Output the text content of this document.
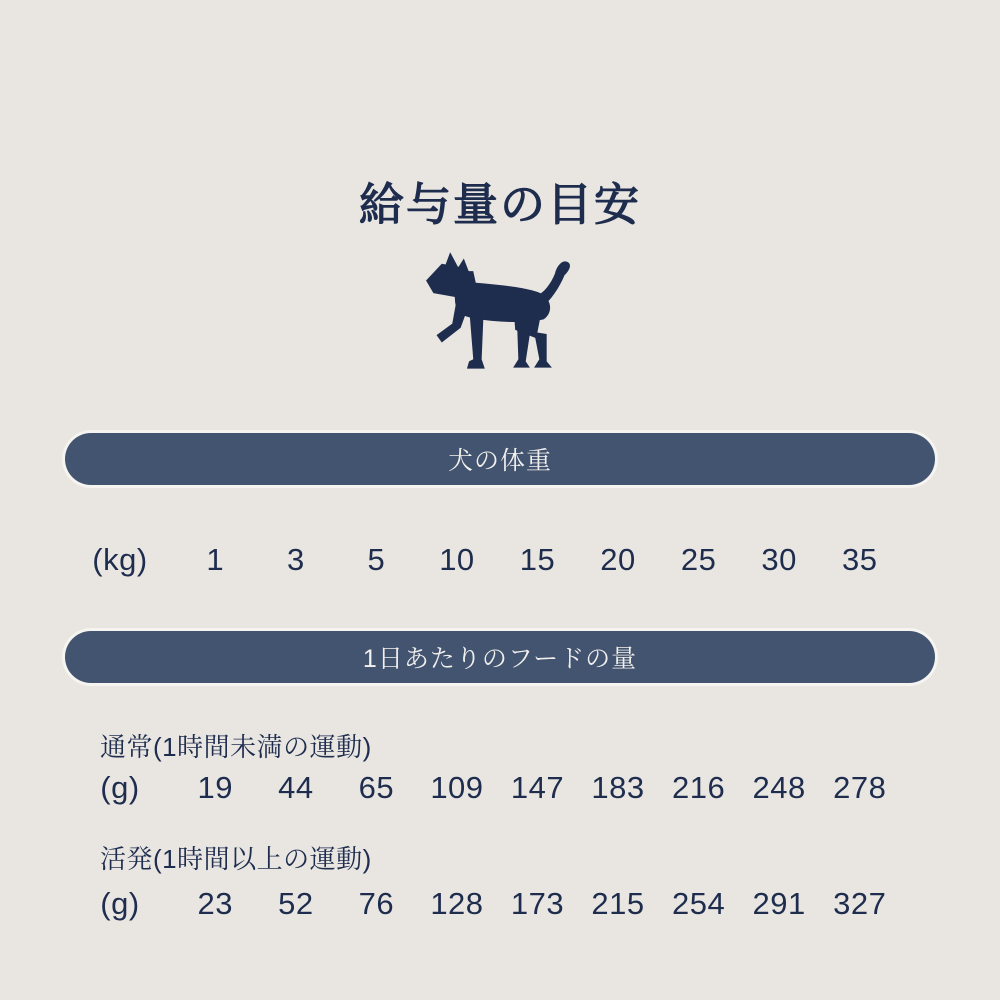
給与量の目安
犬の体重
(kg)	1	3	5	10	15	20	25	30	35
1日あたりのフードの量
通常(1時間未満の運動)
(g)	19	44	65	109 147 183 216 248 278
活発(1時間以上の運動)
(g)	23	52	76	128 173 215 254 291 327
